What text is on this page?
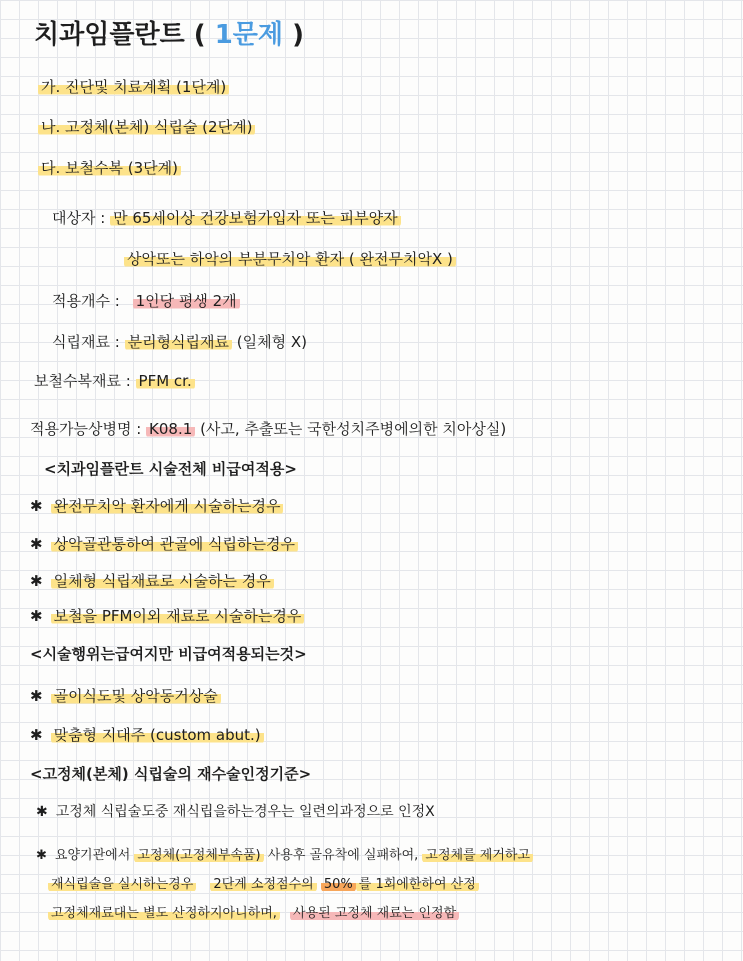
치과임플란트 ( 1문제 )
가. 진단및 치료계획 (1단계)
나. 고정체(본체) 식립술 (2단계)
다. 보철수복 (3단계)
대상자 : 만 65세이상 건강보험가입자 또는 피부양자
상악또는 하악의 부분무치악 환자 ( 완전무치악X )
적용개수 : 1인당 평생 2개
식립재료 : 분리형식립재료 (일체형 X)
보철수복재료 : PFM cr.
적용가능상병명 : K08.1 (사고, 추출또는 국한성치주병에의한 치아상실)
<치과임플란트 시술전체 비급여적용>
✱ 완전무치악 환자에게 시술하는경우
✱ 상악골관통하여 관골에 식립하는경우
✱ 일체형 식립재료로 시술하는 경우
✱ 보철을 PFM이외 재료로 시술하는경우
<시술행위는급여지만 비급여적용되는것>
✱ 골이식도및 상악동거상술
✱ 맞춤형 지대주 (custom abut.)
<고정체(본체) 식립술의 재수술인정기준>
✱ 고정체 식립술도중 재식립을하는경우는 일련의과정으로 인정X
✱ 요양기관에서 고정체(고정체부속품) 사용후 골유착에 실패하여, 고정체를 제거하고
재식립술을 실시하는경우 2단계 소정점수의 50% 를 1회에한하여 산정
고정체재료대는 별도 산정하지아니하며, 사용된 고정체 재료는 인정함
